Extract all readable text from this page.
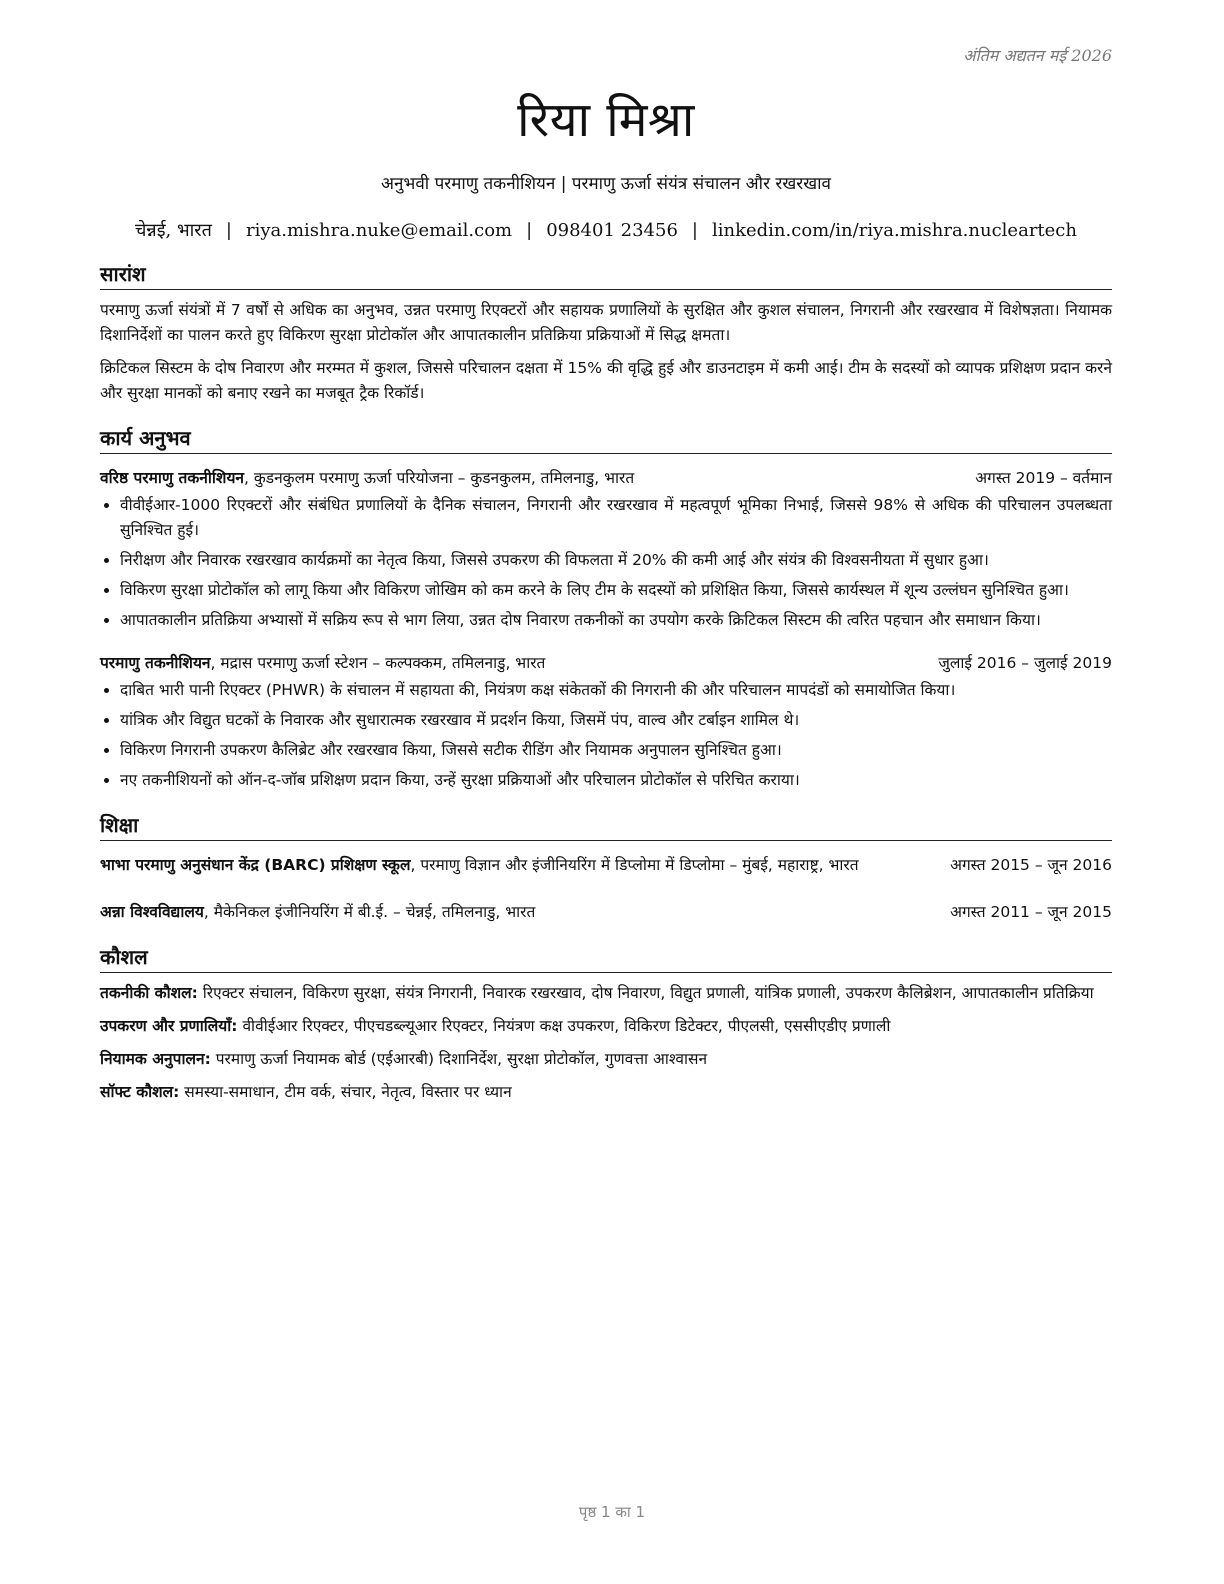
अंतिम अद्यतन मई 2026
रिया मिश्रा
अनुभवी परमाणु तकनीशियन | परमाणु ऊर्जा संयंत्र संचालन और रखरखाव
चेन्नई, भारत | riya.mishra.nuke@email.com | 098401 23456 | linkedin.com/in/riya.mishra.nucleartech
सारांश
परमाणु ऊर्जा संयंत्रों में 7 वर्षों से अधिक का अनुभव, उन्नत परमाणु रिएक्टरों और सहायक प्रणालियों के सुरक्षित और कुशल संचालन, निगरानी और रखरखाव में विशेषज्ञता। नियामक दिशानिर्देशों का पालन करते हुए विकिरण सुरक्षा प्रोटोकॉल और आपातकालीन प्रतिक्रिया प्रक्रियाओं में सिद्ध क्षमता।
क्रिटिकल सिस्टम के दोष निवारण और मरम्मत में कुशल, जिससे परिचालन दक्षता में 15% की वृद्धि हुई और डाउनटाइम में कमी आई। टीम के सदस्यों को व्यापक प्रशिक्षण प्रदान करने और सुरक्षा मानकों को बनाए रखने का मजबूत ट्रैक रिकॉर्ड।
कार्य अनुभव
वरिष्ठ परमाणु तकनीशियन, कुडनकुलम परमाणु ऊर्जा परियोजना – कुडनकुलम, तमिलनाडु, भारत	अगस्त 2019 – वर्तमान
• वीवीईआर-1000 रिएक्टरों और संबंधित प्रणालियों के दैनिक संचालन, निगरानी और रखरखाव में महत्वपूर्ण भूमिका निभाई, जिससे 98% से अधिक की परिचालन उपलब्धता सुनिश्चित हुई।
• निरीक्षण और निवारक रखरखाव कार्यक्रमों का नेतृत्व किया, जिससे उपकरण की विफलता में 20% की कमी आई और संयंत्र की विश्वसनीयता में सुधार हुआ।
• विकिरण सुरक्षा प्रोटोकॉल को लागू किया और विकिरण जोखिम को कम करने के लिए टीम के सदस्यों को प्रशिक्षित किया, जिससे कार्यस्थल में शून्य उल्लंघन सुनिश्चित हुआ।
• आपातकालीन प्रतिक्रिया अभ्यासों में सक्रिय रूप से भाग लिया, उन्नत दोष निवारण तकनीकों का उपयोग करके क्रिटिकल सिस्टम की त्वरित पहचान और समाधान किया।
परमाणु तकनीशियन, मद्रास परमाणु ऊर्जा स्टेशन – कल्पक्कम, तमिलनाडु, भारत	जुलाई 2016 – जुलाई 2019
• दाबित भारी पानी रिएक्टर (PHWR) के संचालन में सहायता की, नियंत्रण कक्ष संकेतकों की निगरानी की और परिचालन मापदंडों को समायोजित किया।
• यांत्रिक और विद्युत घटकों के निवारक और सुधारात्मक रखरखाव में प्रदर्शन किया, जिसमें पंप, वाल्व और टर्बाइन शामिल थे।
• विकिरण निगरानी उपकरण कैलिब्रेट और रखरखाव किया, जिससे सटीक रीडिंग और नियामक अनुपालन सुनिश्चित हुआ।
• नए तकनीशियनों को ऑन-द-जॉब प्रशिक्षण प्रदान किया, उन्हें सुरक्षा प्रक्रियाओं और परिचालन प्रोटोकॉल से परिचित कराया।
शिक्षा
भाभा परमाणु अनुसंधान केंद्र (BARC) प्रशिक्षण स्कूल, परमाणु विज्ञान और इंजीनियरिंग में डिप्लोमा में डिप्लोमा – मुंबई, महाराष्ट्र, भारत	अगस्त 2015 – जून 2016
अन्ना विश्वविद्यालय, मैकेनिकल इंजीनियरिंग में बी.ई. – चेन्नई, तमिलनाडु, भारत	अगस्त 2011 – जून 2015
कौशल
तकनीकी कौशल: रिएक्टर संचालन, विकिरण सुरक्षा, संयंत्र निगरानी, निवारक रखरखाव, दोष निवारण, विद्युत प्रणाली, यांत्रिक प्रणाली, उपकरण कैलिब्रेशन, आपातकालीन प्रतिक्रिया
उपकरण और प्रणालियाँ: वीवीईआर रिएक्टर, पीएचडब्ल्यूआर रिएक्टर, नियंत्रण कक्ष उपकरण, विकिरण डिटेक्टर, पीएलसी, एससीएडीए प्रणाली
नियामक अनुपालन: परमाणु ऊर्जा नियामक बोर्ड (एईआरबी) दिशानिर्देश, सुरक्षा प्रोटोकॉल, गुणवत्ता आश्वासन
सॉफ्ट कौशल: समस्या-समाधान, टीम वर्क, संचार, नेतृत्व, विस्तार पर ध्यान
पृष्ठ 1 का 1
